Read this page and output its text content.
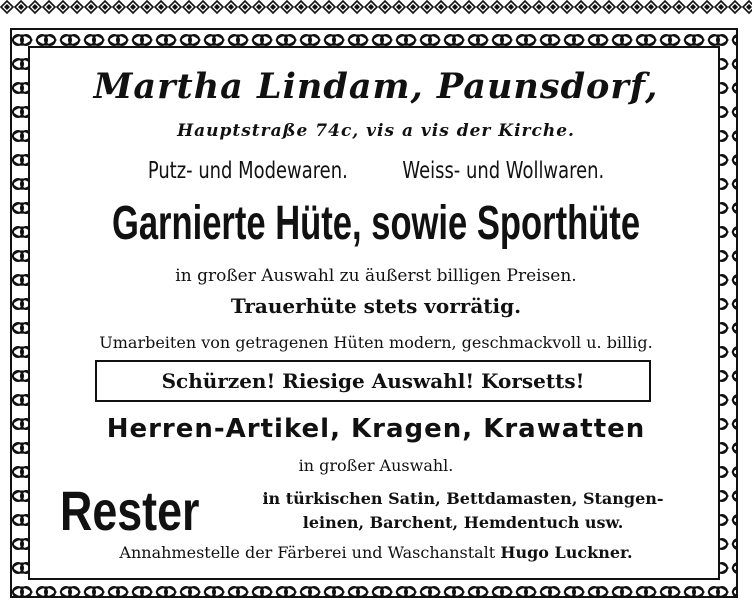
Martha Lindam, Paunsdorf,
Hauptstraße 74c, vis a vis der Kirche.
Putz- und Modewaren. Weiss- und Wollwaren.
Garnierte Hüte, sowie Sporthüte
in großer Auswahl zu äußerst billigen Preisen.
Trauerhüte stets vorrätig.
Umarbeiten von getragenen Hüten modern, geschmackvoll u. billig.
Schürzen! Riesige Auswahl! Korsetts!
Herren-Artikel, Kragen, Krawatten
in großer Auswahl.
Rester	in türkischen Satin, Bettdamasten, Stangen-
leinen, Barchent, Hemdentuch usw.
Annahmestelle der Färberei und Waschanstalt Hugo Luckner.
